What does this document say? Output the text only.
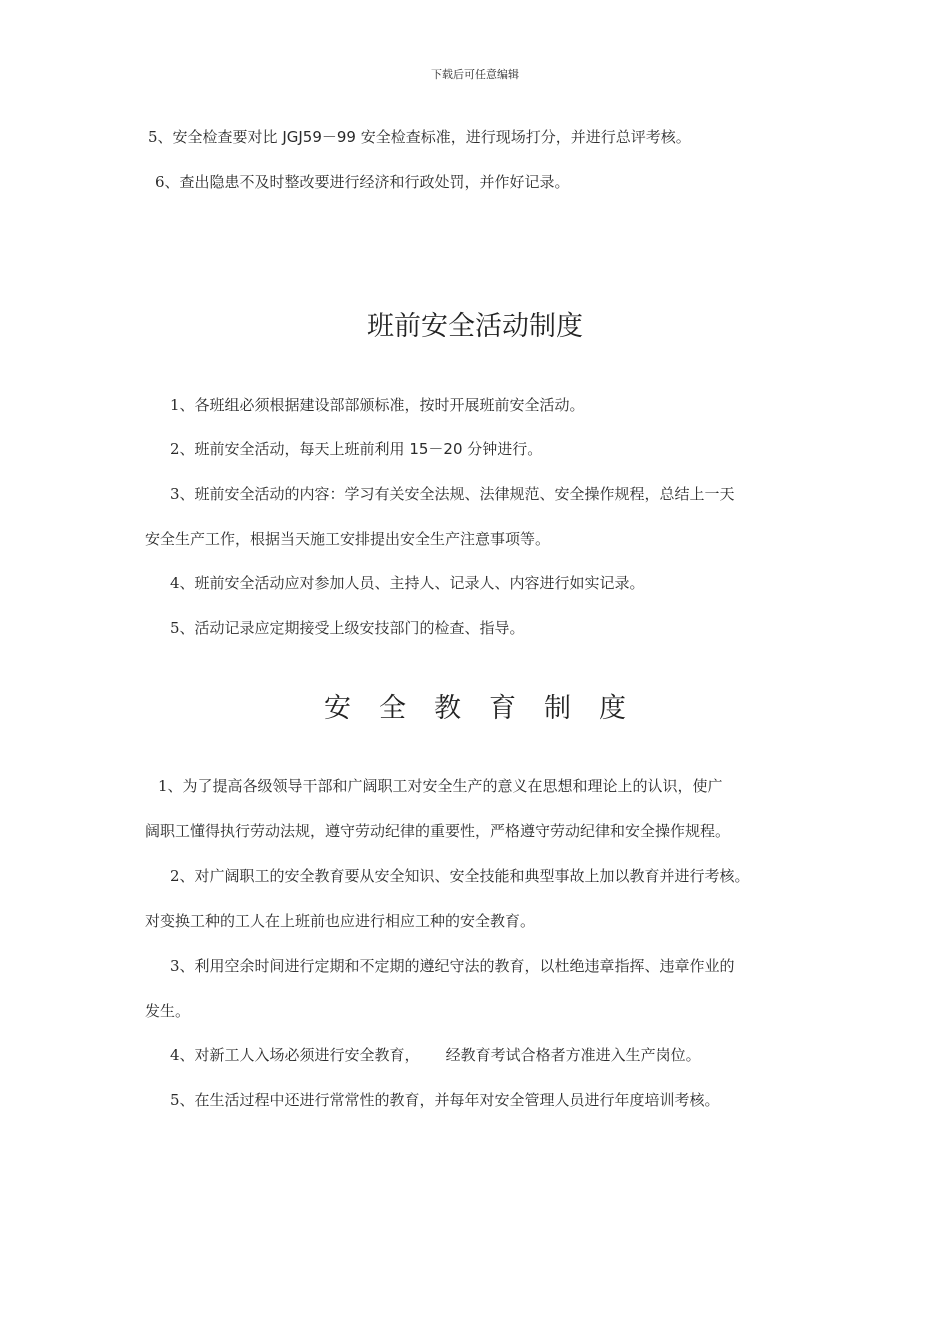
下载后可任意编辑
5、安全检查要对比 JGJ59－99 安全检查标准，进行现场打分，并进行总评考核。
6、查出隐患不及时整改要进行经济和行政处罚，并作好记录。
班前安全活动制度
1、各班组必须根据建设部部颁标准，按时开展班前安全活动。
2、班前安全活动，每天上班前利用 15－20 分钟进行。
3、班前安全活动的内容：学习有关安全法规、法律规范、安全操作规程，总结上一天
安全生产工作，根据当天施工安排提出安全生产注意事项等。
4、班前安全活动应对参加人员、主持人、记录人、内容进行如实记录。
5、活动记录应定期接受上级安技部门的检查、指导。
安全教育制度
1、为了提高各级领导干部和广阔职工对安全生产的意义在思想和理论上的认识，使广
阔职工懂得执行劳动法规，遵守劳动纪律的重要性，严格遵守劳动纪律和安全操作规程。
2、对广阔职工的安全教育要从安全知识、安全技能和典型事故上加以教育并进行考核。
对变换工种的工人在上班前也应进行相应工种的安全教育。
3、利用空余时间进行定期和不定期的遵纪守法的教育，以杜绝违章指挥、违章作业的
发生。
4、对新工人入场必须进行安全教育， 经教育考试合格者方准进入生产岗位。
5、在生活过程中还进行常常性的教育，并每年对安全管理人员进行年度培训考核。
